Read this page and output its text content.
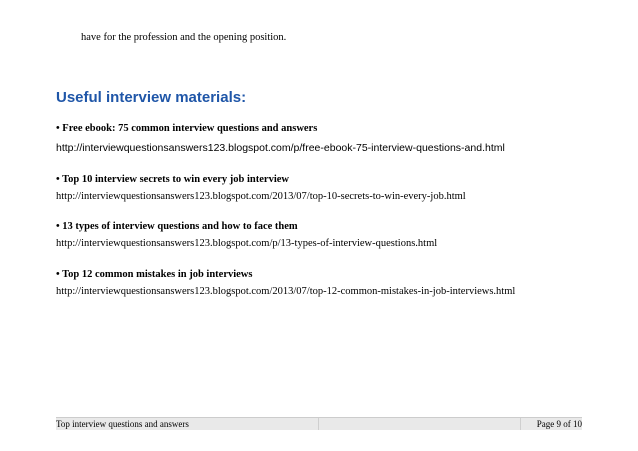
have for the profession and the opening position.
Useful interview materials:
• Free ebook: 75 common interview questions and answers
http://interviewquestionsanswers123.blogspot.com/p/free-ebook-75-interview-questions-and.html
• Top 10 interview secrets to win every job interview
http://interviewquestionsanswers123.blogspot.com/2013/07/top-10-secrets-to-win-every-job.html
• 13 types of interview questions and how to face them
http://interviewquestionsanswers123.blogspot.com/p/13-types-of-interview-questions.html
• Top 12 common mistakes in job interviews
http://interviewquestionsanswers123.blogspot.com/2013/07/top-12-common-mistakes-in-job-interviews.html
Top interview questions and answers	Page 9 of 10
